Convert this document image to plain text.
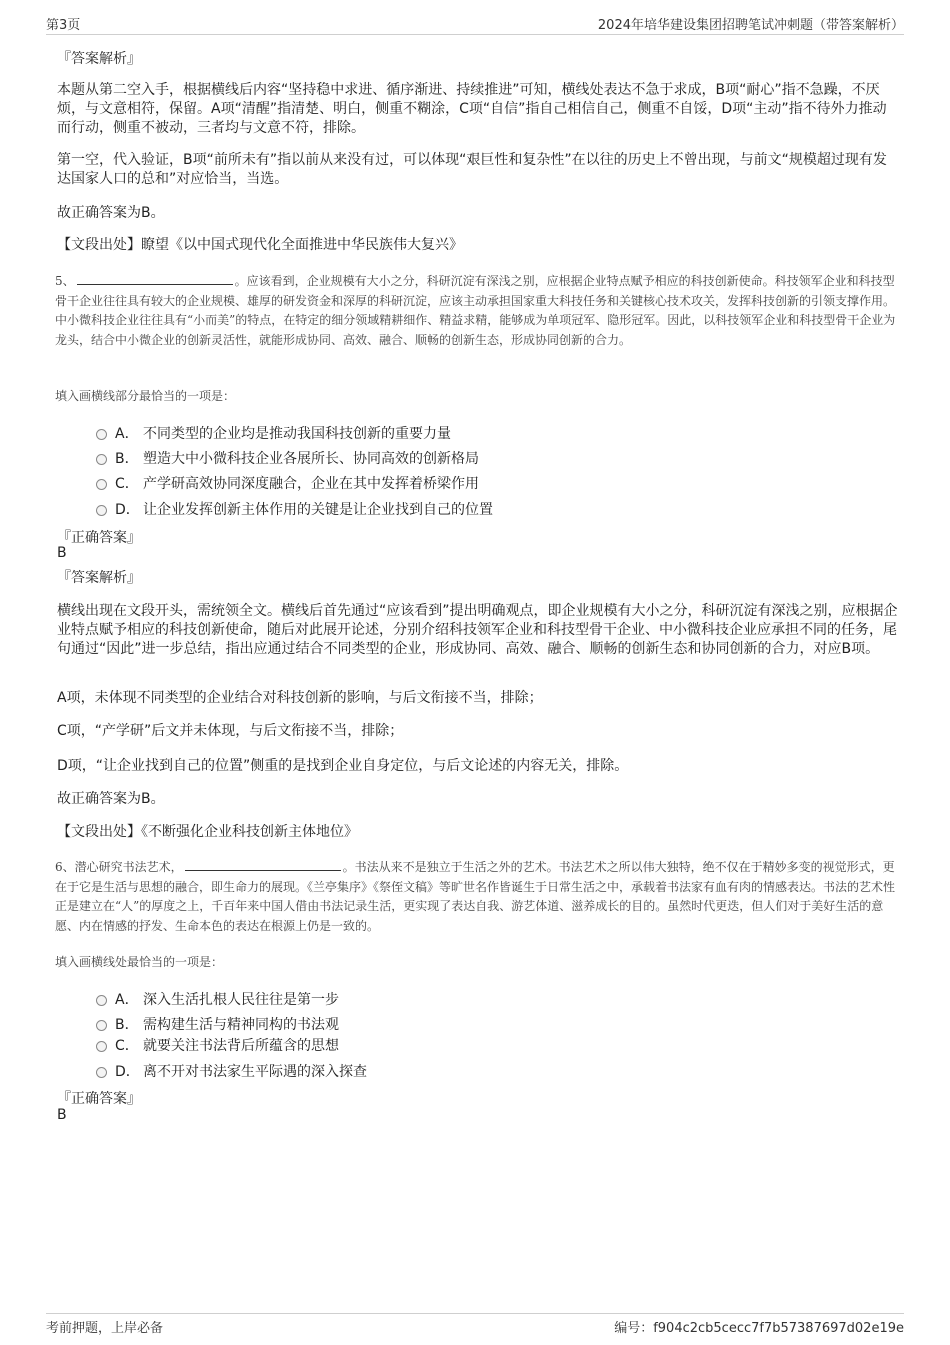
第3页	2024年培华建设集团招聘笔试冲刺题（带答案解析）
『答案解析』
本题从第二空入手，根据横线后内容“坚持稳中求进、循序渐进、持续推进”可知，横线处表达不急于求成，B项“耐心”指不急躁，不厌烦，与文意相符，保留。A项“清醒”指清楚、明白，侧重不糊涂，C项“自信”指自己相信自己，侧重不自馁，D项“主动”指不待外力推动而行动，侧重不被动，三者均与文意不符，排除。
第一空，代入验证，B项“前所未有”指以前从来没有过，可以体现“艰巨性和复杂性”在以往的历史上不曾出现，与前文“规模超过现有发达国家人口的总和”对应恰当，当选。
故正确答案为B。
【文段出处】瞭望《以中国式现代化全面推进中华民族伟大复兴》
5、	。应该看到，企业规模有大小之分，科研沉淀有深浅之别，应根据企业特点赋予相应的科技创新使命。科技领军企业和科技型骨干企业往往具有较大的企业规模、雄厚的研发资金和深厚的科研沉淀，应该主动承担国家重大科技任务和关键核心技术攻关，发挥科技创新的引领支撑作用。中小微科技企业往往具有“小而美”的特点，在特定的细分领域精耕细作、精益求精，能够成为单项冠军、隐形冠军。因此，以科技领军企业和科技型骨干企业为龙头，结合中小微企业的创新灵活性，就能形成协同、高效、融合、顺畅的创新生态，形成协同创新的合力。
填入画横线部分最恰当的一项是：
A． 不同类型的企业均是推动我国科技创新的重要力量
B． 塑造大中小微科技企业各展所长、协同高效的创新格局
C． 产学研高效协同深度融合，企业在其中发挥着桥梁作用
D． 让企业发挥创新主体作用的关键是让企业找到自己的位置
『正确答案』
B
『答案解析』
横线出现在文段开头，需统领全文。横线后首先通过“应该看到”提出明确观点，即企业规模有大小之分，科研沉淀有深浅之别，应根据企业特点赋予相应的科技创新使命，随后对此展开论述，分别介绍科技领军企业和科技型骨干企业、中小微科技企业应承担不同的任务，尾句通过“因此”进一步总结，指出应通过结合不同类型的企业，形成协同、高效、融合、顺畅的创新生态和协同创新的合力，对应B项。
A项，未体现不同类型的企业结合对科技创新的影响，与后文衔接不当，排除；
C项，“产学研”后文并未体现，与后文衔接不当，排除；
D项，“让企业找到自己的位置”侧重的是找到企业自身定位，与后文论述的内容无关，排除。
故正确答案为B。
【文段出处】《不断强化企业科技创新主体地位》
6、潜心研究书法艺术，	。书法从来不是独立于生活之外的艺术。书法艺术之所以伟大独特，绝不仅在于精妙多变的视觉形式，更在于它是生活与思想的融合，即生命力的展现。《兰亭集序》《祭侄文稿》等旷世名作皆诞生于日常生活之中，承载着书法家有血有肉的情感表达。书法的艺术性正是建立在“人”的厚度之上，千百年来中国人借由书法记录生活，更实现了表达自我、游艺体道、滋养成长的目的。虽然时代更迭，但人们对于美好生活的意愿、内在情感的抒发、生命本色的表达在根源上仍是一致的。
填入画横线处最恰当的一项是：
A． 深入生活扎根人民往往是第一步
B． 需构建生活与精神同构的书法观
C． 就要关注书法背后所蕴含的思想
D． 离不开对书法家生平际遇的深入探查
『正确答案』
B
考前押题，上岸必备	编号：f904c2cb5cecc7f7b57387697d02e19e
